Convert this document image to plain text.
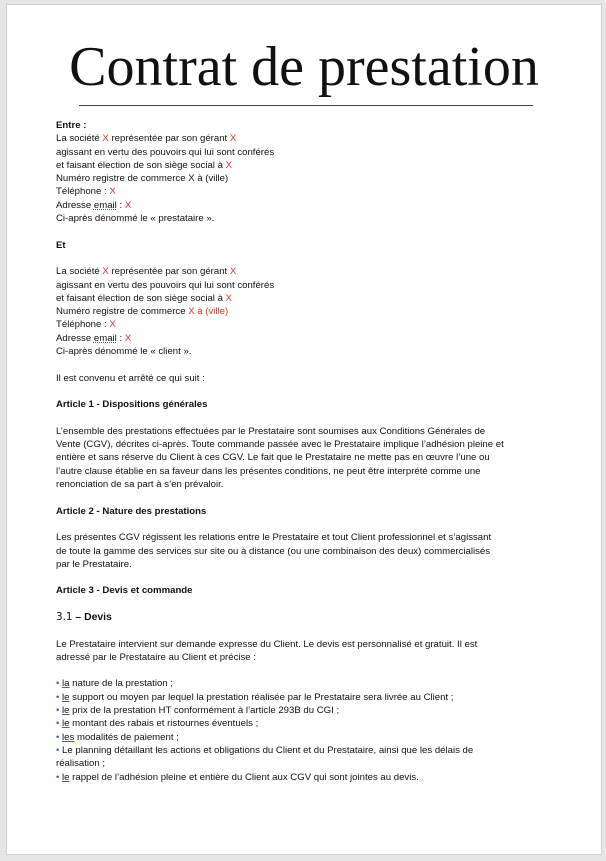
Contrat de prestation
Entre :
La société X représentée par son gérant X
agissant en vertu des pouvoirs qui lui sont conférés
et faisant élection de son siège social à X
Numéro registre de commerce X à (ville)
Téléphone : X
Adresse email : X
Ci-après dénommé le « prestataire ».
Et
La société X représentée par son gérant X
agissant en vertu des pouvoirs qui lui sont conférés
et faisant élection de son siège social à X
Numéro registre de commerce X à (ville)
Téléphone : X
Adresse email : X
Ci-après dénommé le « client ».
Il est convenu et arrêté ce qui suit :
Article 1 - Dispositions générales
L’ensemble des prestations effectuées par le Prestataire sont soumises aux Conditions Générales de
Vente (CGV), décrites ci-après. Toute commande passée avec le Prestataire implique l’adhésion pleine et
entière et sans réserve du Client à ces CGV. Le fait que le Prestataire ne mette pas en œuvre l’une ou
l’autre clause établie en sa faveur dans les présentes conditions, ne peut être interprété comme une
renonciation de sa part à s’en prévaloir.
Article 2 - Nature des prestations
Les présentes CGV régissent les relations entre le Prestataire et tout Client professionnel et s’agissant
de toute la gamme des services sur site ou à distance (ou une combinaison des deux) commercialisés
par le Prestataire.
Article 3 - Devis et commande
3.1 – Devis
Le Prestataire intervient sur demande expresse du Client. Le devis est personnalisé et gratuit. Il est
adressé par le Prestataire au Client et précise :
• la nature de la prestation ;
• le support ou moyen par lequel la prestation réalisée par le Prestataire sera livrée au Client ;
• le prix de la prestation HT conformément à l’article 293B du CGI ;
• le montant des rabais et ristournes éventuels ;
• les modalités de paiement ;
• Le planning détaillant les actions et obligations du Client et du Prestataire, ainsi que les délais de
réalisation ;
• le rappel de l’adhésion pleine et entière du Client aux CGV qui sont jointes au devis.
